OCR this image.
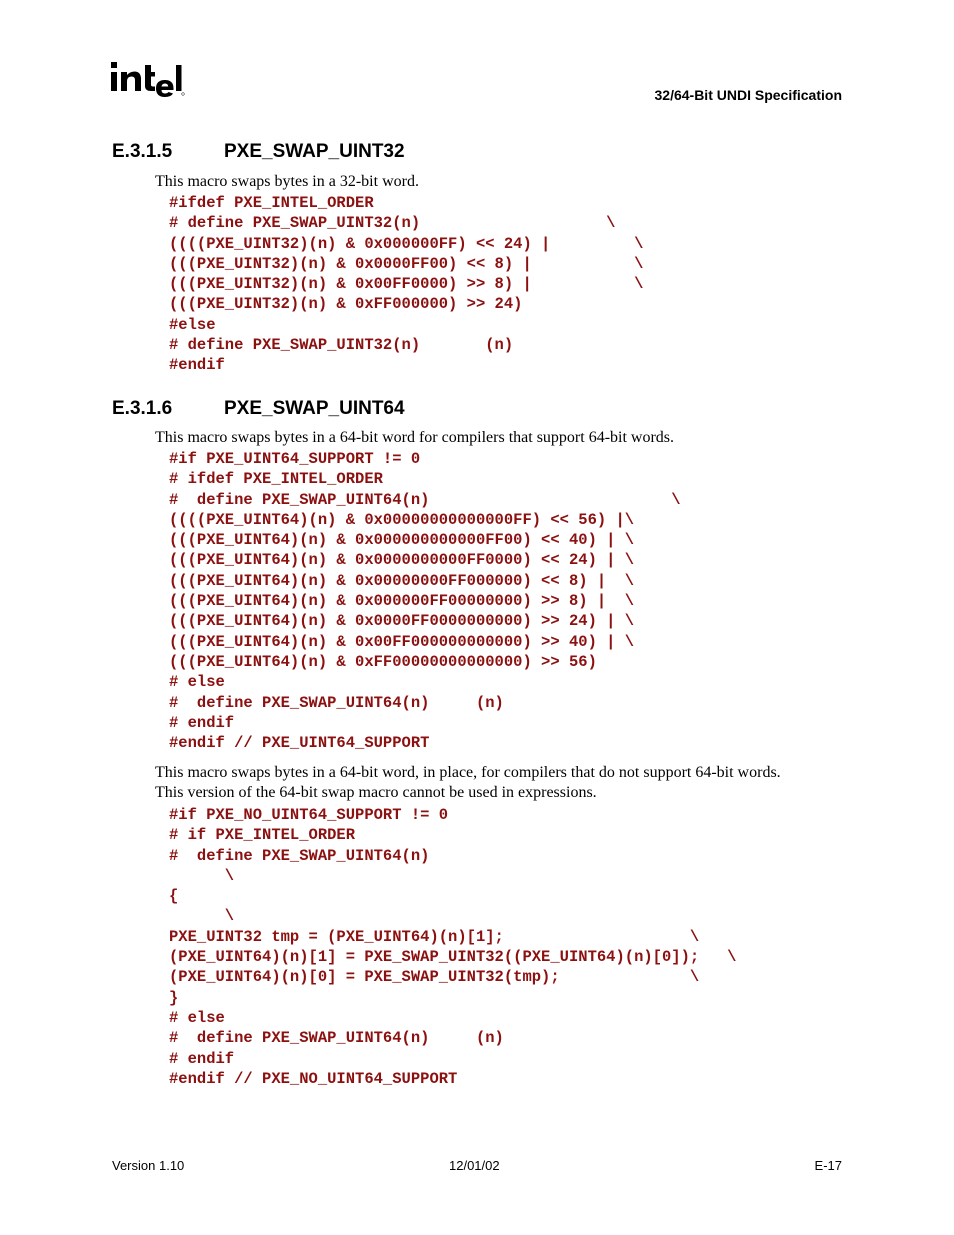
32/64-Bit UNDI Specification
E.3.1.5	PXE_SWAP_UINT32
This macro swaps bytes in a 32-bit word.
#ifdef PXE_INTEL_ORDER
# define PXE_SWAP_UINT32(n)                    \
((((PXE_UINT32)(n) & 0x000000FF) << 24) |         \
(((PXE_UINT32)(n) & 0x0000FF00) << 8) |           \
(((PXE_UINT32)(n) & 0x00FF0000) >> 8) |           \
(((PXE_UINT32)(n) & 0xFF000000) >> 24)
#else
# define PXE_SWAP_UINT32(n)       (n)
#endif
E.3.1.6	PXE_SWAP_UINT64
This macro swaps bytes in a 64-bit word for compilers that support 64-bit words.
#if PXE_UINT64_SUPPORT != 0
# ifdef PXE_INTEL_ORDER
#  define PXE_SWAP_UINT64(n)                          \
((((PXE_UINT64)(n) & 0x00000000000000FF) << 56) |\
(((PXE_UINT64)(n) & 0x000000000000FF00) << 40) | \
(((PXE_UINT64)(n) & 0x0000000000FF0000) << 24) | \
(((PXE_UINT64)(n) & 0x00000000FF000000) << 8) |  \
(((PXE_UINT64)(n) & 0x000000FF00000000) >> 8) |  \
(((PXE_UINT64)(n) & 0x0000FF0000000000) >> 24) | \
(((PXE_UINT64)(n) & 0x00FF000000000000) >> 40) | \
(((PXE_UINT64)(n) & 0xFF00000000000000) >> 56)
# else
#  define PXE_SWAP_UINT64(n)     (n)
# endif
#endif // PXE_UINT64_SUPPORT
This macro swaps bytes in a 64-bit word, in place, for compilers that do not support 64-bit words.
This version of the 64-bit swap macro cannot be used in expressions.
#if PXE_NO_UINT64_SUPPORT != 0
# if PXE_INTEL_ORDER
#  define PXE_SWAP_UINT64(n)
\
{
\
PXE_UINT32 tmp = (PXE_UINT64)(n)[1];                    \
(PXE_UINT64)(n)[1] = PXE_SWAP_UINT32((PXE_UINT64)(n)[0]);   \
(PXE_UINT64)(n)[0] = PXE_SWAP_UINT32(tmp);              \
}
# else
#  define PXE_SWAP_UINT64(n)     (n)
# endif
#endif // PXE_NO_UINT64_SUPPORT
Version 1.10	12/01/02	E-17
